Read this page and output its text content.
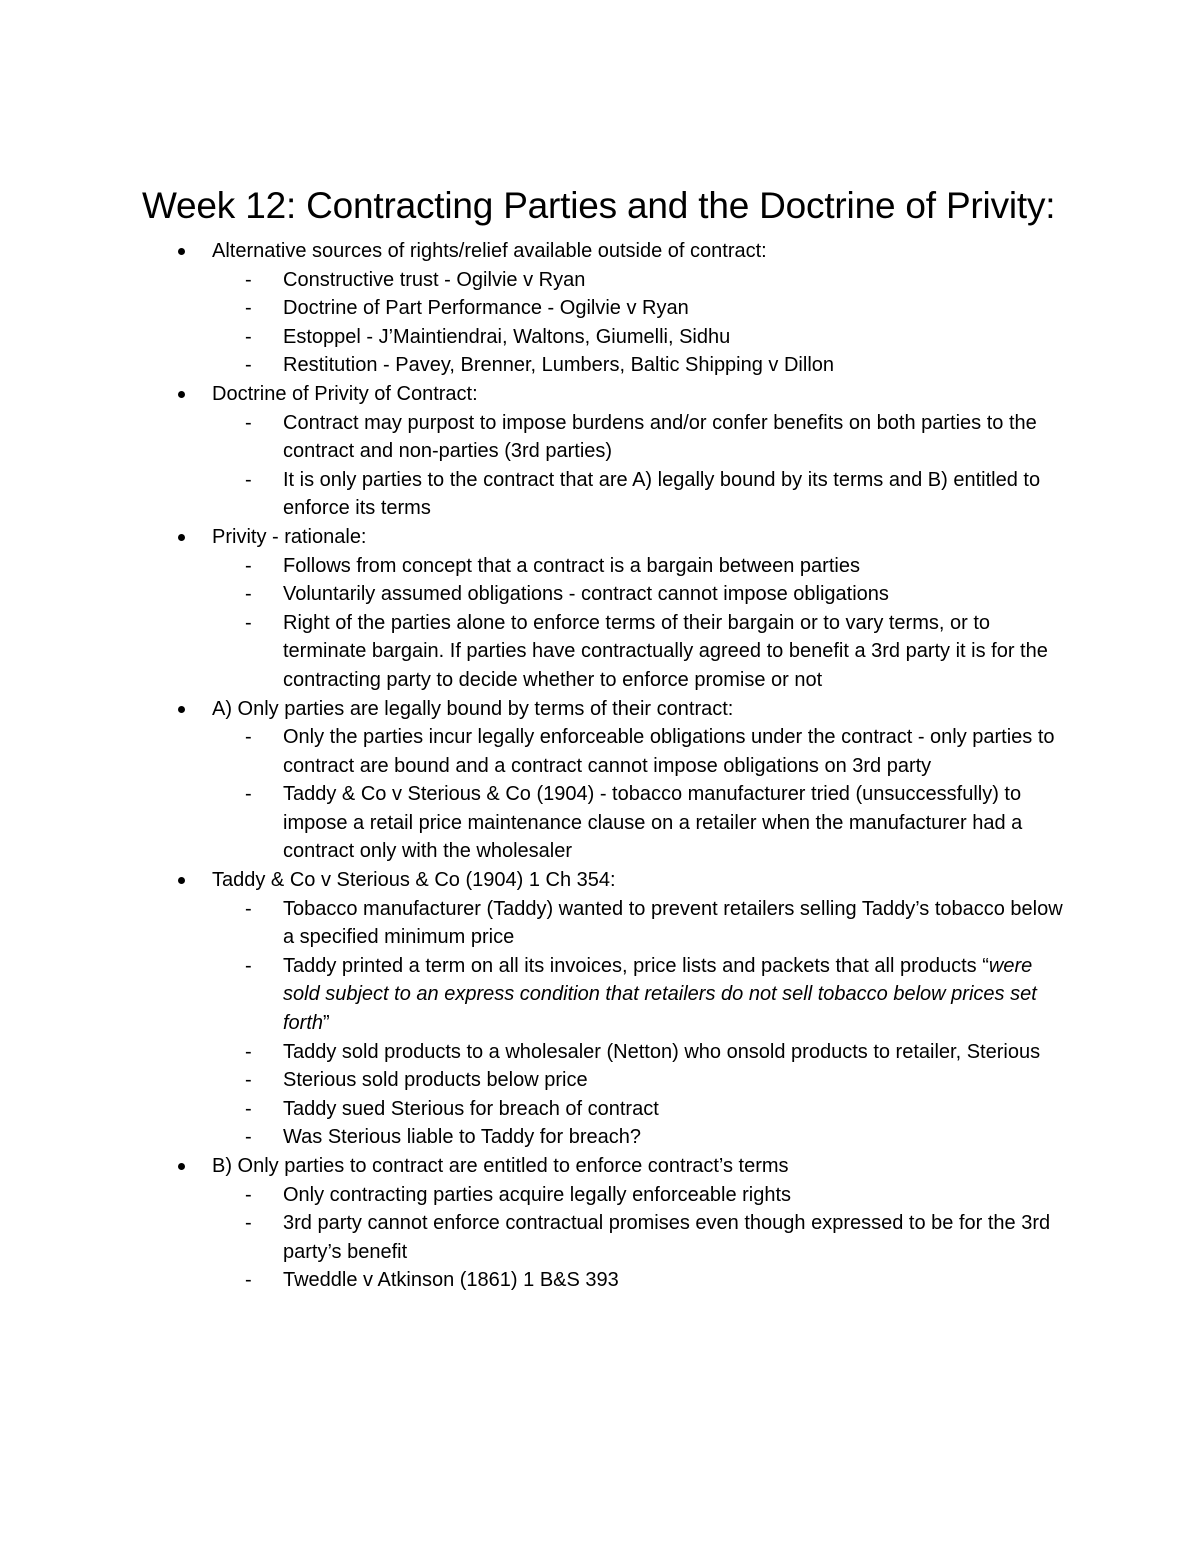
Week 12: Contracting Parties and the Doctrine of Privity:
Alternative sources of rights/relief available outside of contract:
- Constructive trust - Ogilvie v Ryan
- Doctrine of Part Performance - Ogilvie v Ryan
- Estoppel - J’Maintiendrai, Waltons, Giumelli, Sidhu
- Restitution - Pavey, Brenner, Lumbers, Baltic Shipping v Dillon
Doctrine of Privity of Contract:
- Contract may purpost to impose burdens and/or confer benefits on both parties to the contract and non-parties (3rd parties)
- It is only parties to the contract that are A) legally bound by its terms and B) entitled to enforce its terms
Privity - rationale:
- Follows from concept that a contract is a bargain between parties
- Voluntarily assumed obligations - contract cannot impose obligations
- Right of the parties alone to enforce terms of their bargain or to vary terms, or to terminate bargain. If parties have contractually agreed to benefit a 3rd party it is for the contracting party to decide whether to enforce promise or not
A) Only parties are legally bound by terms of their contract:
- Only the parties incur legally enforceable obligations under the contract - only parties to contract are bound and a contract cannot impose obligations on 3rd party
- Taddy & Co v Sterious & Co (1904) - tobacco manufacturer tried (unsuccessfully) to impose a retail price maintenance clause on a retailer when the manufacturer had a contract only with the wholesaler
Taddy & Co v Sterious & Co (1904) 1 Ch 354:
- Tobacco manufacturer (Taddy) wanted to prevent retailers selling Taddy’s tobacco below a specified minimum price
- Taddy printed a term on all its invoices, price lists and packets that all products “were sold subject to an express condition that retailers do not sell tobacco below prices set forth”
- Taddy sold products to a wholesaler (Netton) who onsold products to retailer, Sterious
- Sterious sold products below price
- Taddy sued Sterious for breach of contract
- Was Sterious liable to Taddy for breach?
B) Only parties to contract are entitled to enforce contract’s terms
- Only contracting parties acquire legally enforceable rights
- 3rd party cannot enforce contractual promises even though expressed to be for the 3rd party’s benefit
- Tweddle v Atkinson (1861) 1 B&S 393
